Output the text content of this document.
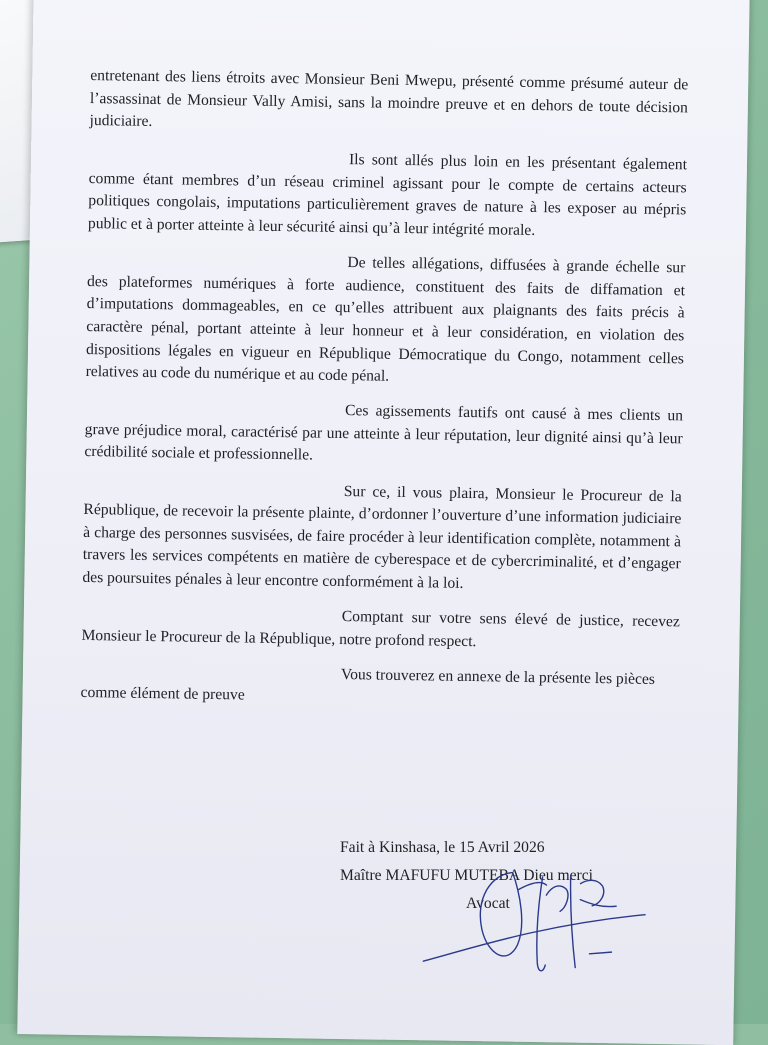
entretenant des liens étroits avec Monsieur Beni Mwepu, présenté comme présumé auteur de l’assassinat de Monsieur Vally Amisi, sans la moindre preuve et en dehors de toute décision judiciaire.

Ils sont allés plus loin en les présentant également comme étant membres d’un réseau criminel agissant pour le compte de certains acteurs politiques congolais, imputations particulièrement graves de nature à les exposer au mépris public et à porter atteinte à leur sécurité ainsi qu’à leur intégrité morale.

De telles allégations, diffusées à grande échelle sur des plateformes numériques à forte audience, constituent des faits de diffamation et d’imputations dommageables, en ce qu’elles attribuent aux plaignants des faits précis à caractère pénal, portant atteinte à leur honneur et à leur considération, en violation des dispositions légales en vigueur en République Démocratique du Congo, notamment celles relatives au code du numérique et au code pénal.

Ces agissements fautifs ont causé à mes clients un grave préjudice moral, caractérisé par une atteinte à leur réputation, leur dignité ainsi qu’à leur crédibilité sociale et professionnelle.

Sur ce, il vous plaira, Monsieur le Procureur de la République, de recevoir la présente plainte, d’ordonner l’ouverture d’une information judiciaire à charge des personnes susvisées, de faire procéder à leur identification complète, notamment à travers les services compétents en matière de cyberespace et de cybercriminalité, et d’engager des poursuites pénales à leur encontre conformément à la loi.

Comptant sur votre sens élevé de justice, recevez Monsieur le Procureur de la République, notre profond respect.

Vous trouverez en annexe de la présente les pièces comme élément de preuve

Fait à Kinshasa, le 15 Avril 2026
Maître MAFUFU MUTEBA Dieu merci
Avocat
